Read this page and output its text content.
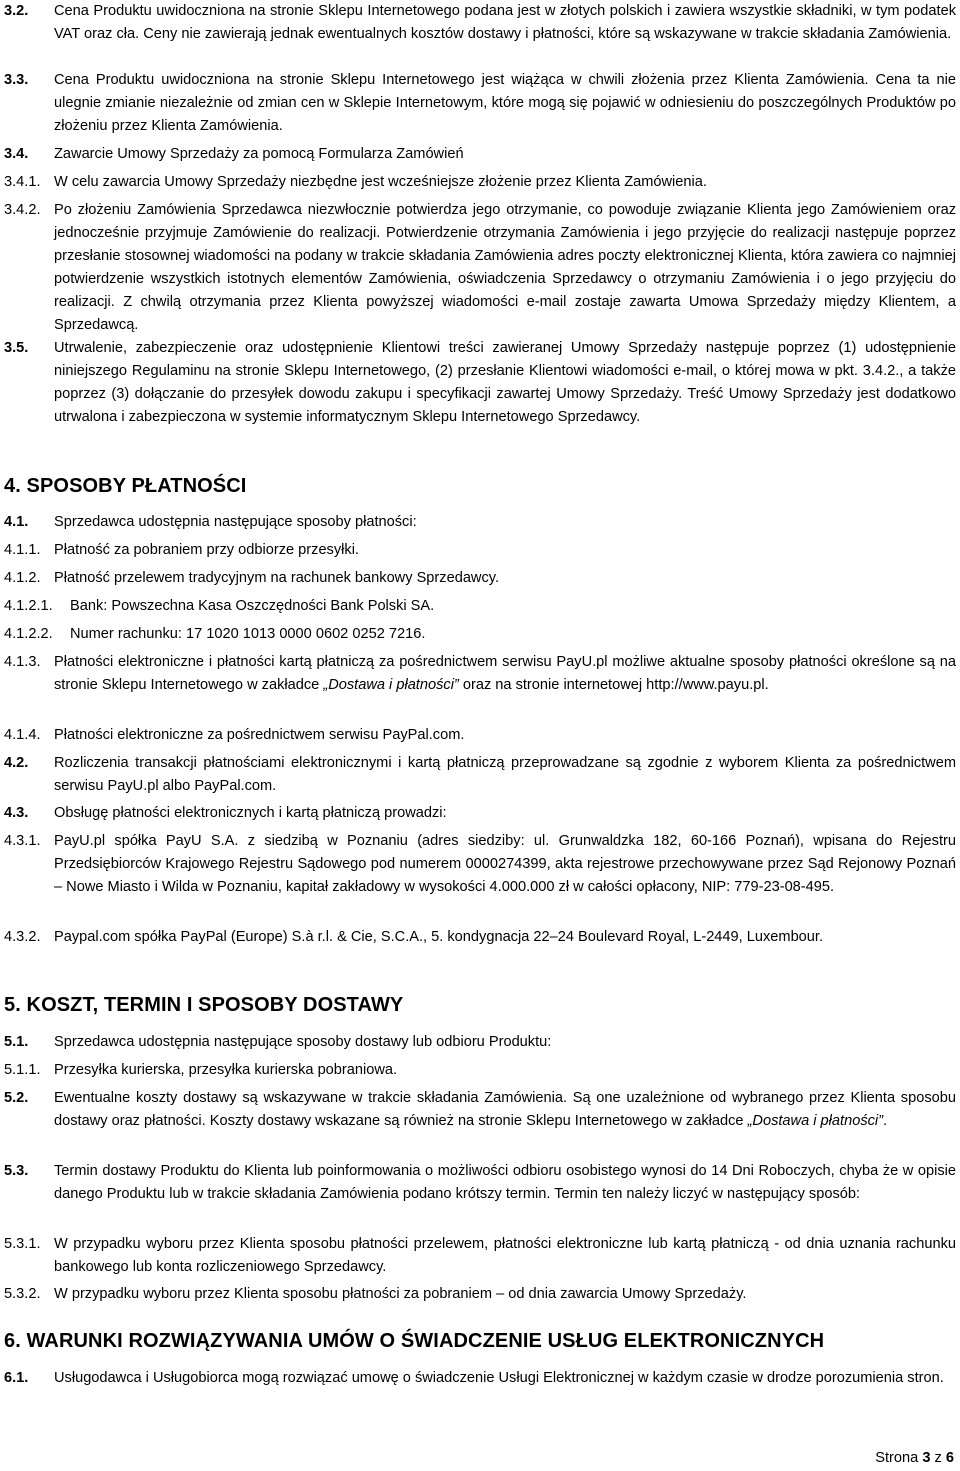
3.2.	Cena Produktu uwidoczniona na stronie Sklepu Internetowego podana jest w złotych polskich i zawiera wszystkie składniki, w tym podatek VAT oraz cła. Ceny nie zawierają jednak ewentualnych kosztów dostawy i płatności, które są wskazywane w trakcie składania Zamówienia.
3.3.	Cena Produktu uwidoczniona na stronie Sklepu Internetowego jest wiążąca w chwili złożenia przez Klienta Zamówienia. Cena ta nie ulegnie zmianie niezależnie od zmian cen w Sklepie Internetowym, które mogą się pojawić w odniesieniu do poszczególnych Produktów po złożeniu przez Klienta Zamówienia.
3.4.	Zawarcie Umowy Sprzedaży za pomocą Formularza Zamówień
3.4.1. W celu zawarcia Umowy Sprzedaży niezbędne jest wcześniejsze złożenie przez Klienta Zamówienia.
3.4.2. Po złożeniu Zamówienia Sprzedawca niezwłocznie potwierdza jego otrzymanie, co powoduje związanie Klienta jego Zamówieniem oraz jednocześnie przyjmuje Zamówienie do realizacji. Potwierdzenie otrzymania Zamówienia i jego przyjęcie do realizacji następuje poprzez przesłanie stosownej wiadomości na podany w trakcie składania Zamówienia adres poczty elektronicznej Klienta, która zawiera co najmniej potwierdzenie wszystkich istotnych elementów Zamówienia, oświadczenia Sprzedawcy o otrzymaniu Zamówienia i o jego przyjęciu do realizacji. Z chwilą otrzymania przez Klienta powyższej wiadomości e-mail zostaje zawarta Umowa Sprzedaży między Klientem, a Sprzedawcą.
3.5.	Utrwalenie, zabezpieczenie oraz udostępnienie Klientowi treści zawieranej Umowy Sprzedaży następuje poprzez (1) udostępnienie niniejszego Regulaminu na stronie Sklepu Internetowego, (2) przesłanie Klientowi wiadomości e-mail, o której mowa w pkt. 3.4.2., a także poprzez (3) dołączanie do przesyłek dowodu zakupu i specyfikacji zawartej Umowy Sprzedaży. Treść Umowy Sprzedaży jest dodatkowo utrwalona i zabezpieczona w systemie informatycznym Sklepu Internetowego Sprzedawcy.
4. SPOSOBY PŁATNOŚCI
4.1.	Sprzedawca udostępnia następujące sposoby płatności:
4.1.1. Płatność za pobraniem przy odbiorze przesyłki.
4.1.2. Płatność przelewem tradycyjnym na rachunek bankowy Sprzedawcy.
4.1.2.1.	Bank: Powszechna Kasa Oszczędności Bank Polski SA.
4.1.2.2.	Numer rachunku: 17 1020 1013 0000 0602 0252 7216.
4.1.3. Płatności elektroniczne i płatności kartą płatniczą za pośrednictwem serwisu PayU.pl możliwe aktualne sposoby płatności określone są na stronie Sklepu Internetowego w zakładce „Dostawa i płatności” oraz na stronie internetowej http://www.payu.pl.
4.1.4. Płatności elektroniczne za pośrednictwem serwisu PayPal.com.
4.2.	Rozliczenia transakcji płatnościami elektronicznymi i kartą płatniczą przeprowadzane są zgodnie z wyborem Klienta za pośrednictwem serwisu PayU.pl albo PayPal.com.
4.3.	Obsługę płatności elektronicznych i kartą płatniczą prowadzi:
4.3.1. PayU.pl spółka PayU S.A. z siedzibą w Poznaniu (adres siedziby: ul. Grunwaldzka 182, 60-166 Poznań), wpisana do Rejestru Przedsiębiorców Krajowego Rejestru Sądowego pod numerem 0000274399, akta rejestrowe przechowywane przez Sąd Rejonowy Poznań – Nowe Miasto i Wilda w Poznaniu, kapitał zakładowy w wysokości 4.000.000 zł w całości opłacony, NIP: 779-23-08-495.
4.3.2. Paypal.com spółka PayPal (Europe) S.à r.l. & Cie, S.C.A., 5. kondygnacja 22–24 Boulevard Royal, L-2449, Luxembour.
5. KOSZT, TERMIN I SPOSOBY DOSTAWY
5.1.	Sprzedawca udostępnia następujące sposoby dostawy lub odbioru Produktu:
5.1.1. Przesyłka kurierska, przesyłka kurierska pobraniowa.
5.2.	Ewentualne koszty dostawy są wskazywane w trakcie składania Zamówienia. Są one uzależnione od wybranego przez Klienta sposobu dostawy oraz płatności. Koszty dostawy wskazane są również na stronie Sklepu Internetowego w zakładce „Dostawa i płatności”.
5.3.	Termin dostawy Produktu do Klienta lub poinformowania o możliwości odbioru osobistego wynosi do 14 Dni Roboczych, chyba że w opisie danego Produktu lub w trakcie składania Zamówienia podano krótszy termin. Termin ten należy liczyć w następujący sposób:
5.3.1. W przypadku wyboru przez Klienta sposobu płatności przelewem, płatności elektroniczne lub kartą płatniczą - od dnia uznania rachunku bankowego lub konta rozliczeniowego Sprzedawcy.
5.3.2. W przypadku wyboru przez Klienta sposobu płatności za pobraniem – od dnia zawarcia Umowy Sprzedaży.
6. WARUNKI ROZWIĄZYWANIA UMÓW O ŚWIADCZENIE USŁUG ELEKTRONICZNYCH
6.1.	Usługodawca i Usługobiorca mogą rozwiązać umowę o świadczenie Usługi Elektronicznej w każdym czasie w drodze porozumienia stron.
Strona 3 z 6
